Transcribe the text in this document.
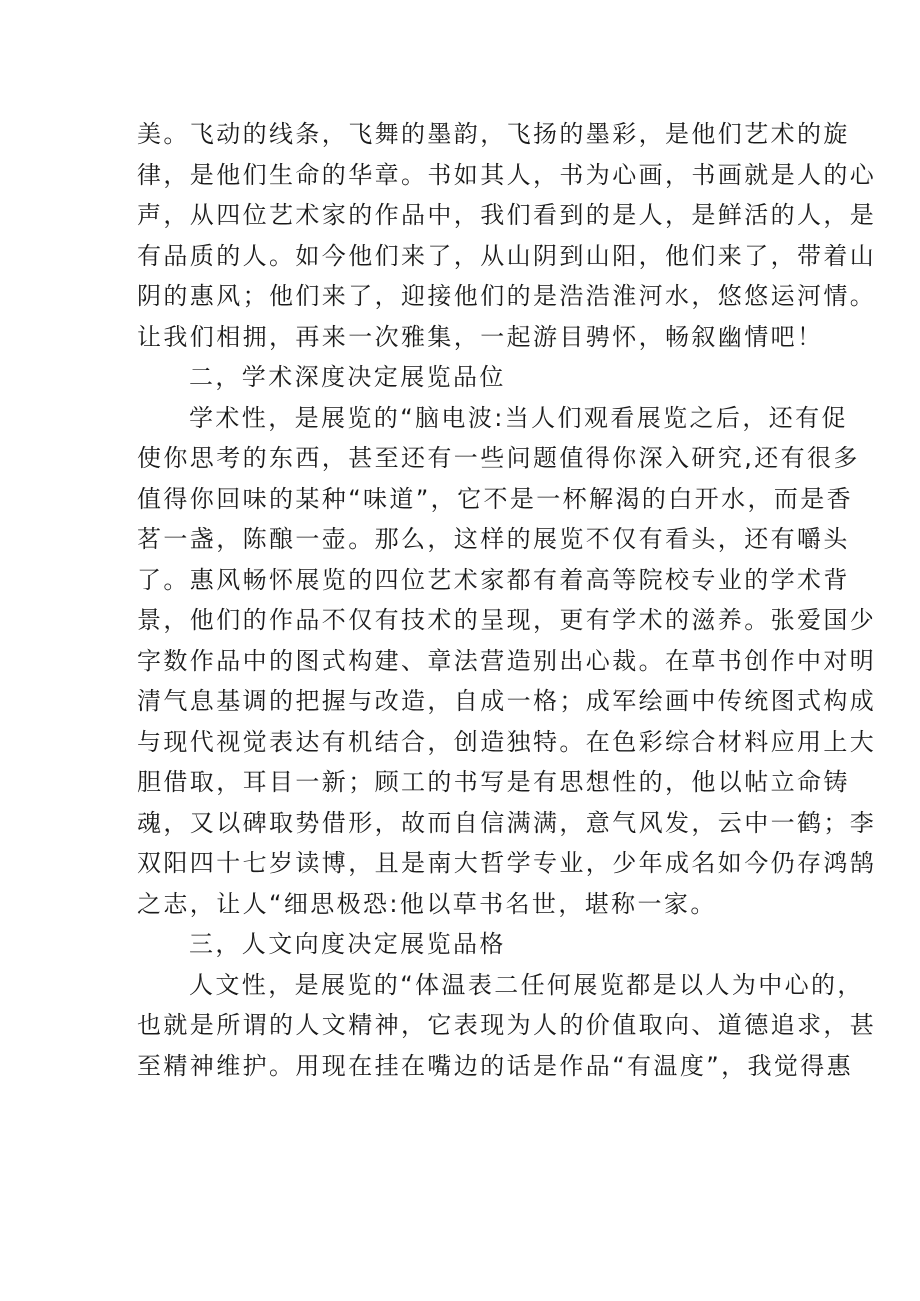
美。飞动的线条，飞舞的墨韵，飞扬的墨彩，是他们艺术的旋
律，是他们生命的华章。书如其人，书为心画，书画就是人的心
声，从四位艺术家的作品中，我们看到的是人，是鲜活的人，是
有品质的人。如今他们来了，从山阴到山阳，他们来了，带着山
阴的惠风；他们来了，迎接他们的是浩浩淮河水，悠悠运河情。
让我们相拥，再来一次雅集，一起游目骋怀，畅叙幽情吧！
二，学术深度决定展览品位
学术性，是展览的“脑电波:当人们观看展览之后，还有促
使你思考的东西，甚至还有一些问题值得你深入研究,还有很多
值得你回味的某种“味道”，它不是一杯解渴的白开水，而是香
茗一盏，陈酿一壶。那么，这样的展览不仅有看头，还有嚼头
了。惠风畅怀展览的四位艺术家都有着高等院校专业的学术背
景，他们的作品不仅有技术的呈现，更有学术的滋养。张爱国少
字数作品中的图式构建、章法营造别出心裁。在草书创作中对明
清气息基调的把握与改造，自成一格；成军绘画中传统图式构成
与现代视觉表达有机结合，创造独特。在色彩综合材料应用上大
胆借取，耳目一新；顾工的书写是有思想性的，他以帖立命铸
魂，又以碑取势借形，故而自信满满，意气风发，云中一鹤；李
双阳四十七岁读博，且是南大哲学专业，少年成名如今仍存鸿鹄
之志，让人“细思极恐:他以草书名世，堪称一家。
三，人文向度决定展览品格
人文性，是展览的“体温表二任何展览都是以人为中心的，
也就是所谓的人文精神，它表现为人的价值取向、道德追求，甚
至精神维护。用现在挂在嘴边的话是作品“有温度”，我觉得惠
